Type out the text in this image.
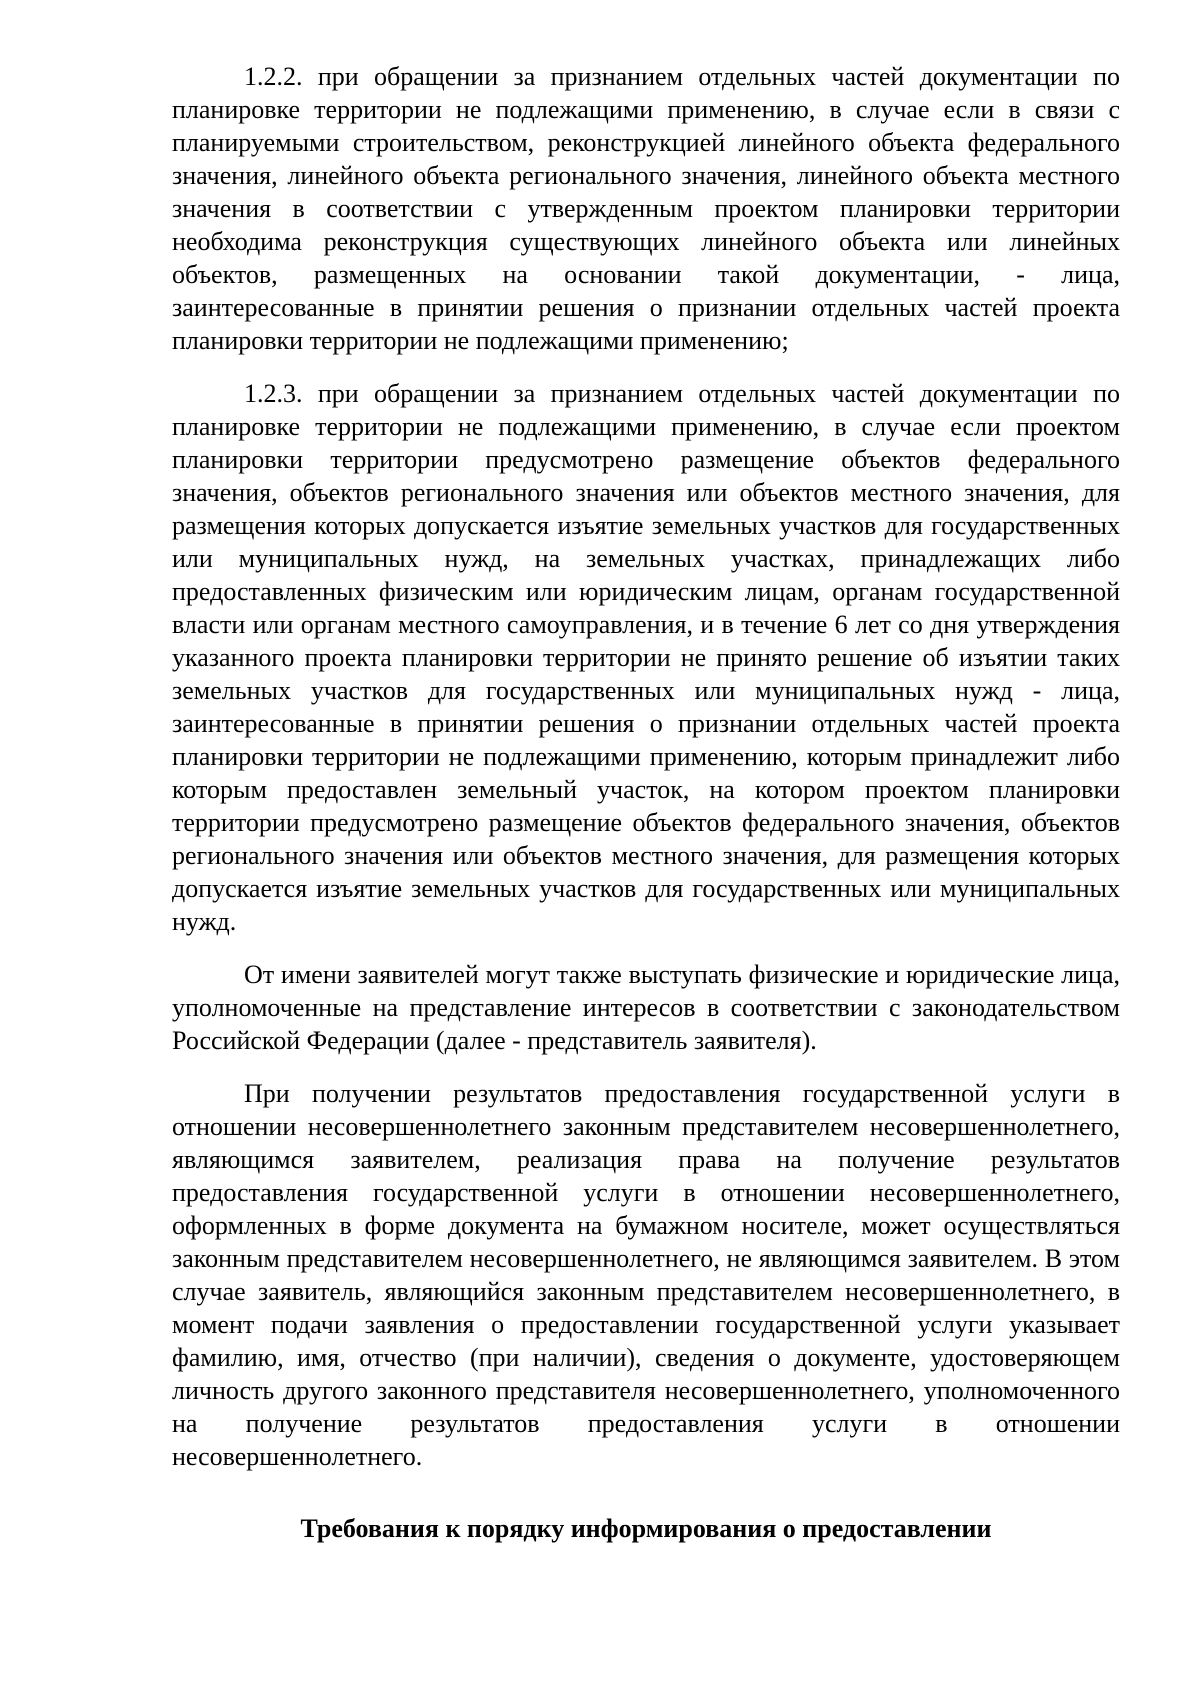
1.2.2. при обращении за признанием отдельных частей документации по планировке территории не подлежащими применению, в случае если в связи с планируемыми строительством, реконструкцией линейного объекта федерального значения, линейного объекта регионального значения, линейного объекта местного значения в соответствии с утвержденным проектом планировки территории необходима реконструкция существующих линейного объекта или линейных объектов, размещенных на основании такой документации, - лица, заинтересованные в принятии решения о признании отдельных частей проекта планировки территории не подлежащими применению;

1.2.3. при обращении за признанием отдельных частей документации по планировке территории не подлежащими применению, в случае если проектом планировки территории предусмотрено размещение объектов федерального значения, объектов регионального значения или объектов местного значения, для размещения которых допускается изъятие земельных участков для государственных или муниципальных нужд, на земельных участках, принадлежащих либо предоставленных физическим или юридическим лицам, органам государственной власти или органам местного самоуправления, и в течение 6 лет со дня утверждения указанного проекта планировки территории не принято решение об изъятии таких земельных участков для государственных или муниципальных нужд - лица, заинтересованные в принятии решения о признании отдельных частей проекта планировки территории не подлежащими применению, которым принадлежит либо которым предоставлен земельный участок, на котором проектом планировки территории предусмотрено размещение объектов федерального значения, объектов регионального значения или объектов местного значения, для размещения которых допускается изъятие земельных участков для государственных или муниципальных нужд.

От имени заявителей могут также выступать физические и юридические лица, уполномоченные на представление интересов в соответствии с законодательством Российской Федерации (далее - представитель заявителя).

При получении результатов предоставления государственной услуги в отношении несовершеннолетнего законным представителем несовершеннолетнего, являющимся заявителем, реализация права на получение результатов предоставления государственной услуги в отношении несовершеннолетнего, оформленных в форме документа на бумажном носителе, может осуществляться законным представителем несовершеннолетнего, не являющимся заявителем. В этом случае заявитель, являющийся законным представителем несовершеннолетнего, в момент подачи заявления о предоставлении государственной услуги указывает фамилию, имя, отчество (при наличии), сведения о документе, удостоверяющем личность другого законного представителя несовершеннолетнего, уполномоченного на получение результатов предоставления услуги в отношении несовершеннолетнего.

Требования к порядку информирования о предоставлении
